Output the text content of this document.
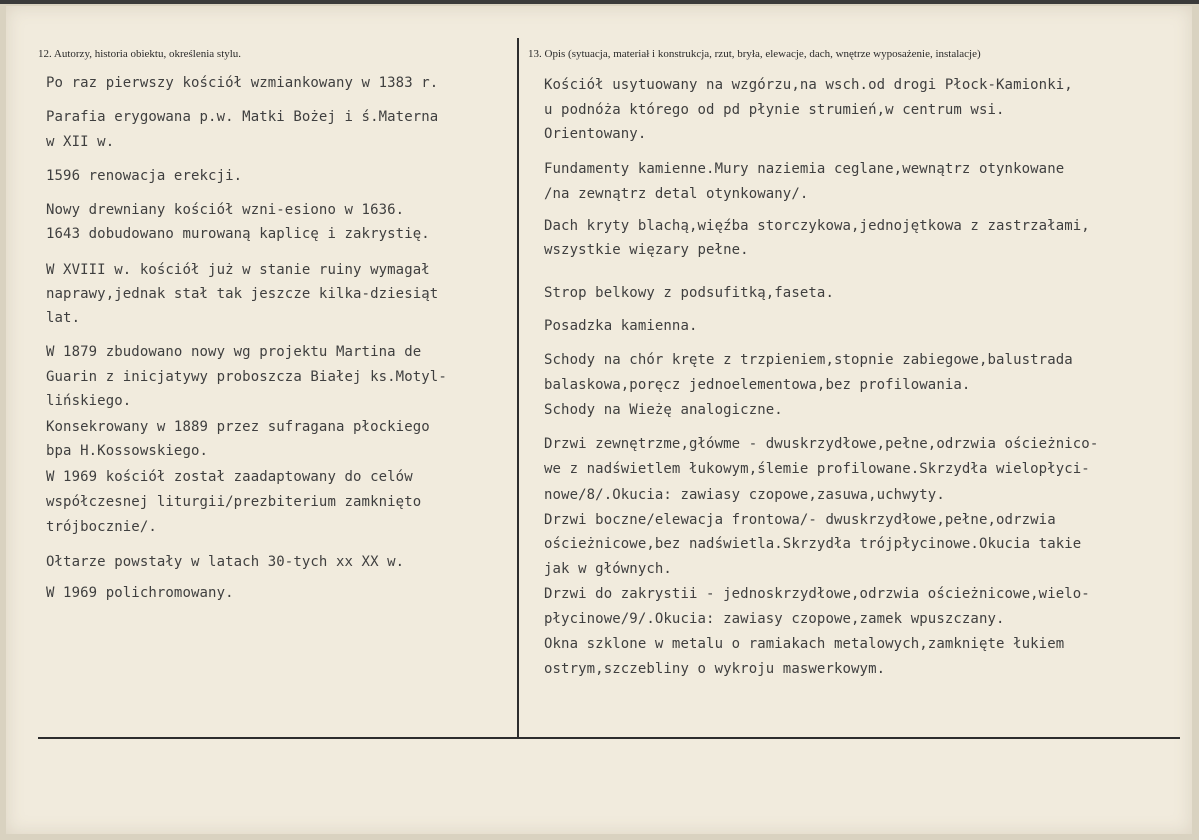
12. Autorzy, historia obiektu, określenia stylu.	13. Opis (sytuacja, materiał i konstrukcja, rzut, bryła, elewacje, dach, wnętrze wyposażenie, instalacje)
Po raz pierwszy kościół wzmiankowany w 1383 r.
Parafia erygowana p.w. Matki Bożej i ś.Materna
w XII w.
1596 renowacja erekcji.
Nowy drewniany kościół wzni-esiono w 1636.
1643 dobudowano murowaną kaplicę i zakrystię.
W XVIII w. kościół już w stanie ruiny wymagał
naprawy,jednak stał tak jeszcze kilka-dziesiąt
lat.
W 1879 zbudowano nowy wg projektu Martina de
Guarin z inicjatywy proboszcza Białej ks.Motyl-
lińskiego.
Konsekrowany w 1889 przez sufragana płockiego
bpa H.Kossowskiego.
W 1969 kościół został zaadaptowany do celów
współczesnej liturgii/prezbiterium zamknięto
trójbocznie/.
Ołtarze powstały w latach 30-tych xx XX w.
W 1969 polichromowany.
Kościół usytuowany na wzgórzu,na wsch.od drogi Płock-Kamionki,
u podnóża którego od pd płynie strumień,w centrum wsi.
Orientowany.
Fundamenty kamienne.Mury naziemia ceglane,wewnątrz otynkowane
/na zewnątrz detal otynkowany/.
Dach kryty blachą,więźba storczykowa,jednojętkowa z zastrzałami,
wszystkie więzary pełne.
Strop belkowy z podsufitką,faseta.
Posadzka kamienna.
Schody na chór kręte z trzpieniem,stopnie zabiegowe,balustrada
balaskowa,poręcz jednoelementowa,bez profilowania.
Schody na Wieżę analogiczne.
Drzwi zewnętrzme,główme - dwuskrzydłowe,pełne,odrzwia ościeżnico-
we z nadświetlem łukowym,ślemie profilowane.Skrzydła wielopłyci-
nowe/8/.Okucia: zawiasy czopowe,zasuwa,uchwyty.
Drzwi boczne/elewacja frontowa/- dwuskrzydłowe,pełne,odrzwia
ościeżnicowe,bez nadświetla.Skrzydła trójpłycinowe.Okucia takie
jak w głównych.
Drzwi do zakrystii - jednoskrzydłowe,odrzwia ościeżnicowe,wielo-
płycinowe/9/.Okucia: zawiasy czopowe,zamek wpuszczany.
Okna szklone w metalu o ramiakach metalowych,zamknięte łukiem
ostrym,szczebliny o wykroju maswerkowym.
